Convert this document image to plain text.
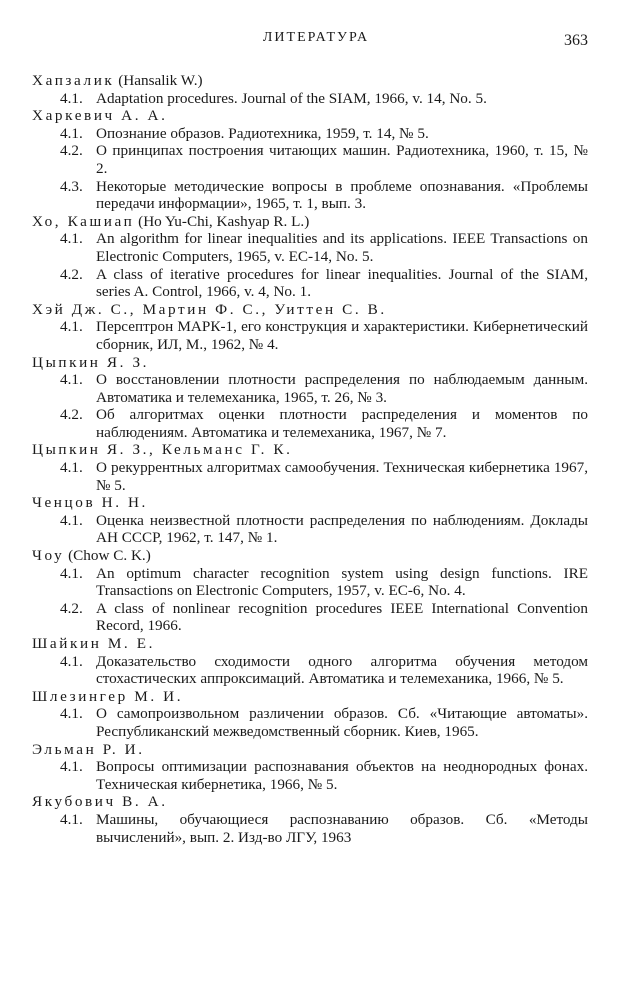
ЛИТЕРАТУРА	363
Хапзалик (Hansalik W.)
4.1. Adaptation procedures. Journal of the SIAM, 1966, v. 14, No. 5.
Харкевич А. А.
4.1. Опознание образов. Радиотехника, 1959, т. 14, № 5.
4.2. О принципах построения читающих машин. Радиотехника, 1960, т. 15, № 2.
4.3. Некоторые методические вопросы в проблеме опознавания. «Проблемы передачи информации», 1965, т. 1, вып. 3.
Хо, Кашиап (Ho Yu-Chi, Kashyap R. L.)
4.1. An algorithm for linear inequalities and its applications. IEEE Transactions on Electronic Computers, 1965, v. EC-14, No. 5.
4.2. A class of iterative procedures for linear inequalities. Journal of the SIAM, series A. Control, 1966, v. 4, No. 1.
Хэй Дж. С., Мартин Ф. С., Уиттен С. В.
4.1. Персептрон МАРК-1, его конструкция и характеристики. Кибернетический сборник, ИЛ, М., 1962, № 4.
Цыпкин Я. З.
4.1. О восстановлении плотности распределения по наблюдаемым данным. Автоматика и телемеханика, 1965, т. 26, № 3.
4.2. Об алгоритмах оценки плотности распределения и моментов по наблюдениям. Автоматика и телемеханика, 1967, № 7.
Цыпкин Я. З., Кельманс Г. К.
4.1. О рекуррентных алгоритмах самообучения. Техническая кибернетика 1967, № 5.
Ченцов Н. Н.
4.1. Оценка неизвестной плотности распределения по наблюдениям. Доклады АН СССР, 1962, т. 147, № 1.
Чоу (Chow C. K.)
4.1. An optimum character recognition system using design functions. IRE Transactions on Electronic Computers, 1957, v. EC-6, No. 4.
4.2. A class of nonlinear recognition procedures IEEE International Convention Record, 1966.
Шайкин М. Е.
4.1. Доказательство сходимости одного алгоритма обучения методом стохастических аппроксимаций. Автоматика и телемеханика, 1966, № 5.
Шлезингер М. И.
4.1. О самопроизвольном различении образов. Сб. «Читающие автоматы». Республиканский межведомственный сборник. Киев, 1965.
Эльман Р. И.
4.1. Вопросы оптимизации распознавания объектов на неоднородных фонах. Техническая кибернетика, 1966, № 5.
Якубович В. А.
4.1. Машины, обучающиеся распознаванию образов. Сб. «Методы вычислений», вып. 2. Изд-во ЛГУ, 1963
